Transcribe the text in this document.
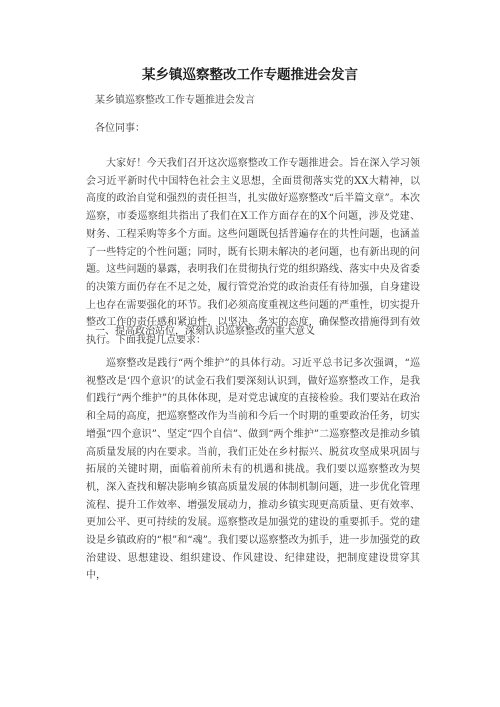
某乡镇巡察整改工作专题推进会发言
某乡镇巡察整改工作专题推进会发言
各位同事：

大家好！今天我们召开这次巡察整改工作专题推进会。旨在深入学习领会习近平新时代中国特色社会主义思想，全面贯彻落实党的XX大精神，以高度的政治自觉和强烈的责任担当，扎实做好巡察整改“后半篇文章”。本次巡察，市委巡察组共指出了我们在X工作方面存在的X个问题，涉及党建、财务、工程采购等多个方面。这些问题既包括普遍存在的共性问题，也涵盖了一些特定的个性问题；同时，既有长期未解决的老问题，也有新出现的问题。这些问题的暴露，表明我们在贯彻执行党的组织路线、落实中央及省委的决策方面仍存在不足之处，履行管党治党的政治责任有待加强，自身建设上也存在需要强化的环节。我们必须高度重视这些问题的严重性，切实提升整改工作的责任感和紧迫性，以坚决、务实的态度，确保整改措施得到有效执行。下面我提几点要求：

一、提高政治站位，深刻认识巡察整改的重大意义

巡察整改是践行“两个维护”的具体行动。习近平总书记多次强调，“巡视整改是‘四个意识’的试金石我们要深刻认识到，做好巡察整改工作，是我们践行“两个维护”的具体体现，是对党忠诚度的直接检验。我们要站在政治和全局的高度，把巡察整改作为当前和今后一个时期的重要政治任务，切实增强“四个意识”、坚定“四个自信”、做到“两个维护”二巡察整改是推动乡镇高质量发展的内在要求。当前，我们正处在乡村振兴、脱贫攻坚成果巩固与拓展的关键时期，面临着前所未有的机遇和挑战。我们要以巡察整改为契机，深入查找和解决影响乡镇高质量发展的体制机制问题，进一步优化管理流程、提升工作效率、增强发展动力，推动乡镇实现更高质量、更有效率、更加公平、更可持续的发展。巡察整改是加强党的建设的重要抓手。党的建设是乡镇政府的“根”和“魂”。我们要以巡察整改为抓手，进一步加强党的政治建设、思想建设、组织建设、作风建设、纪律建设，把制度建设贯穿其中，
